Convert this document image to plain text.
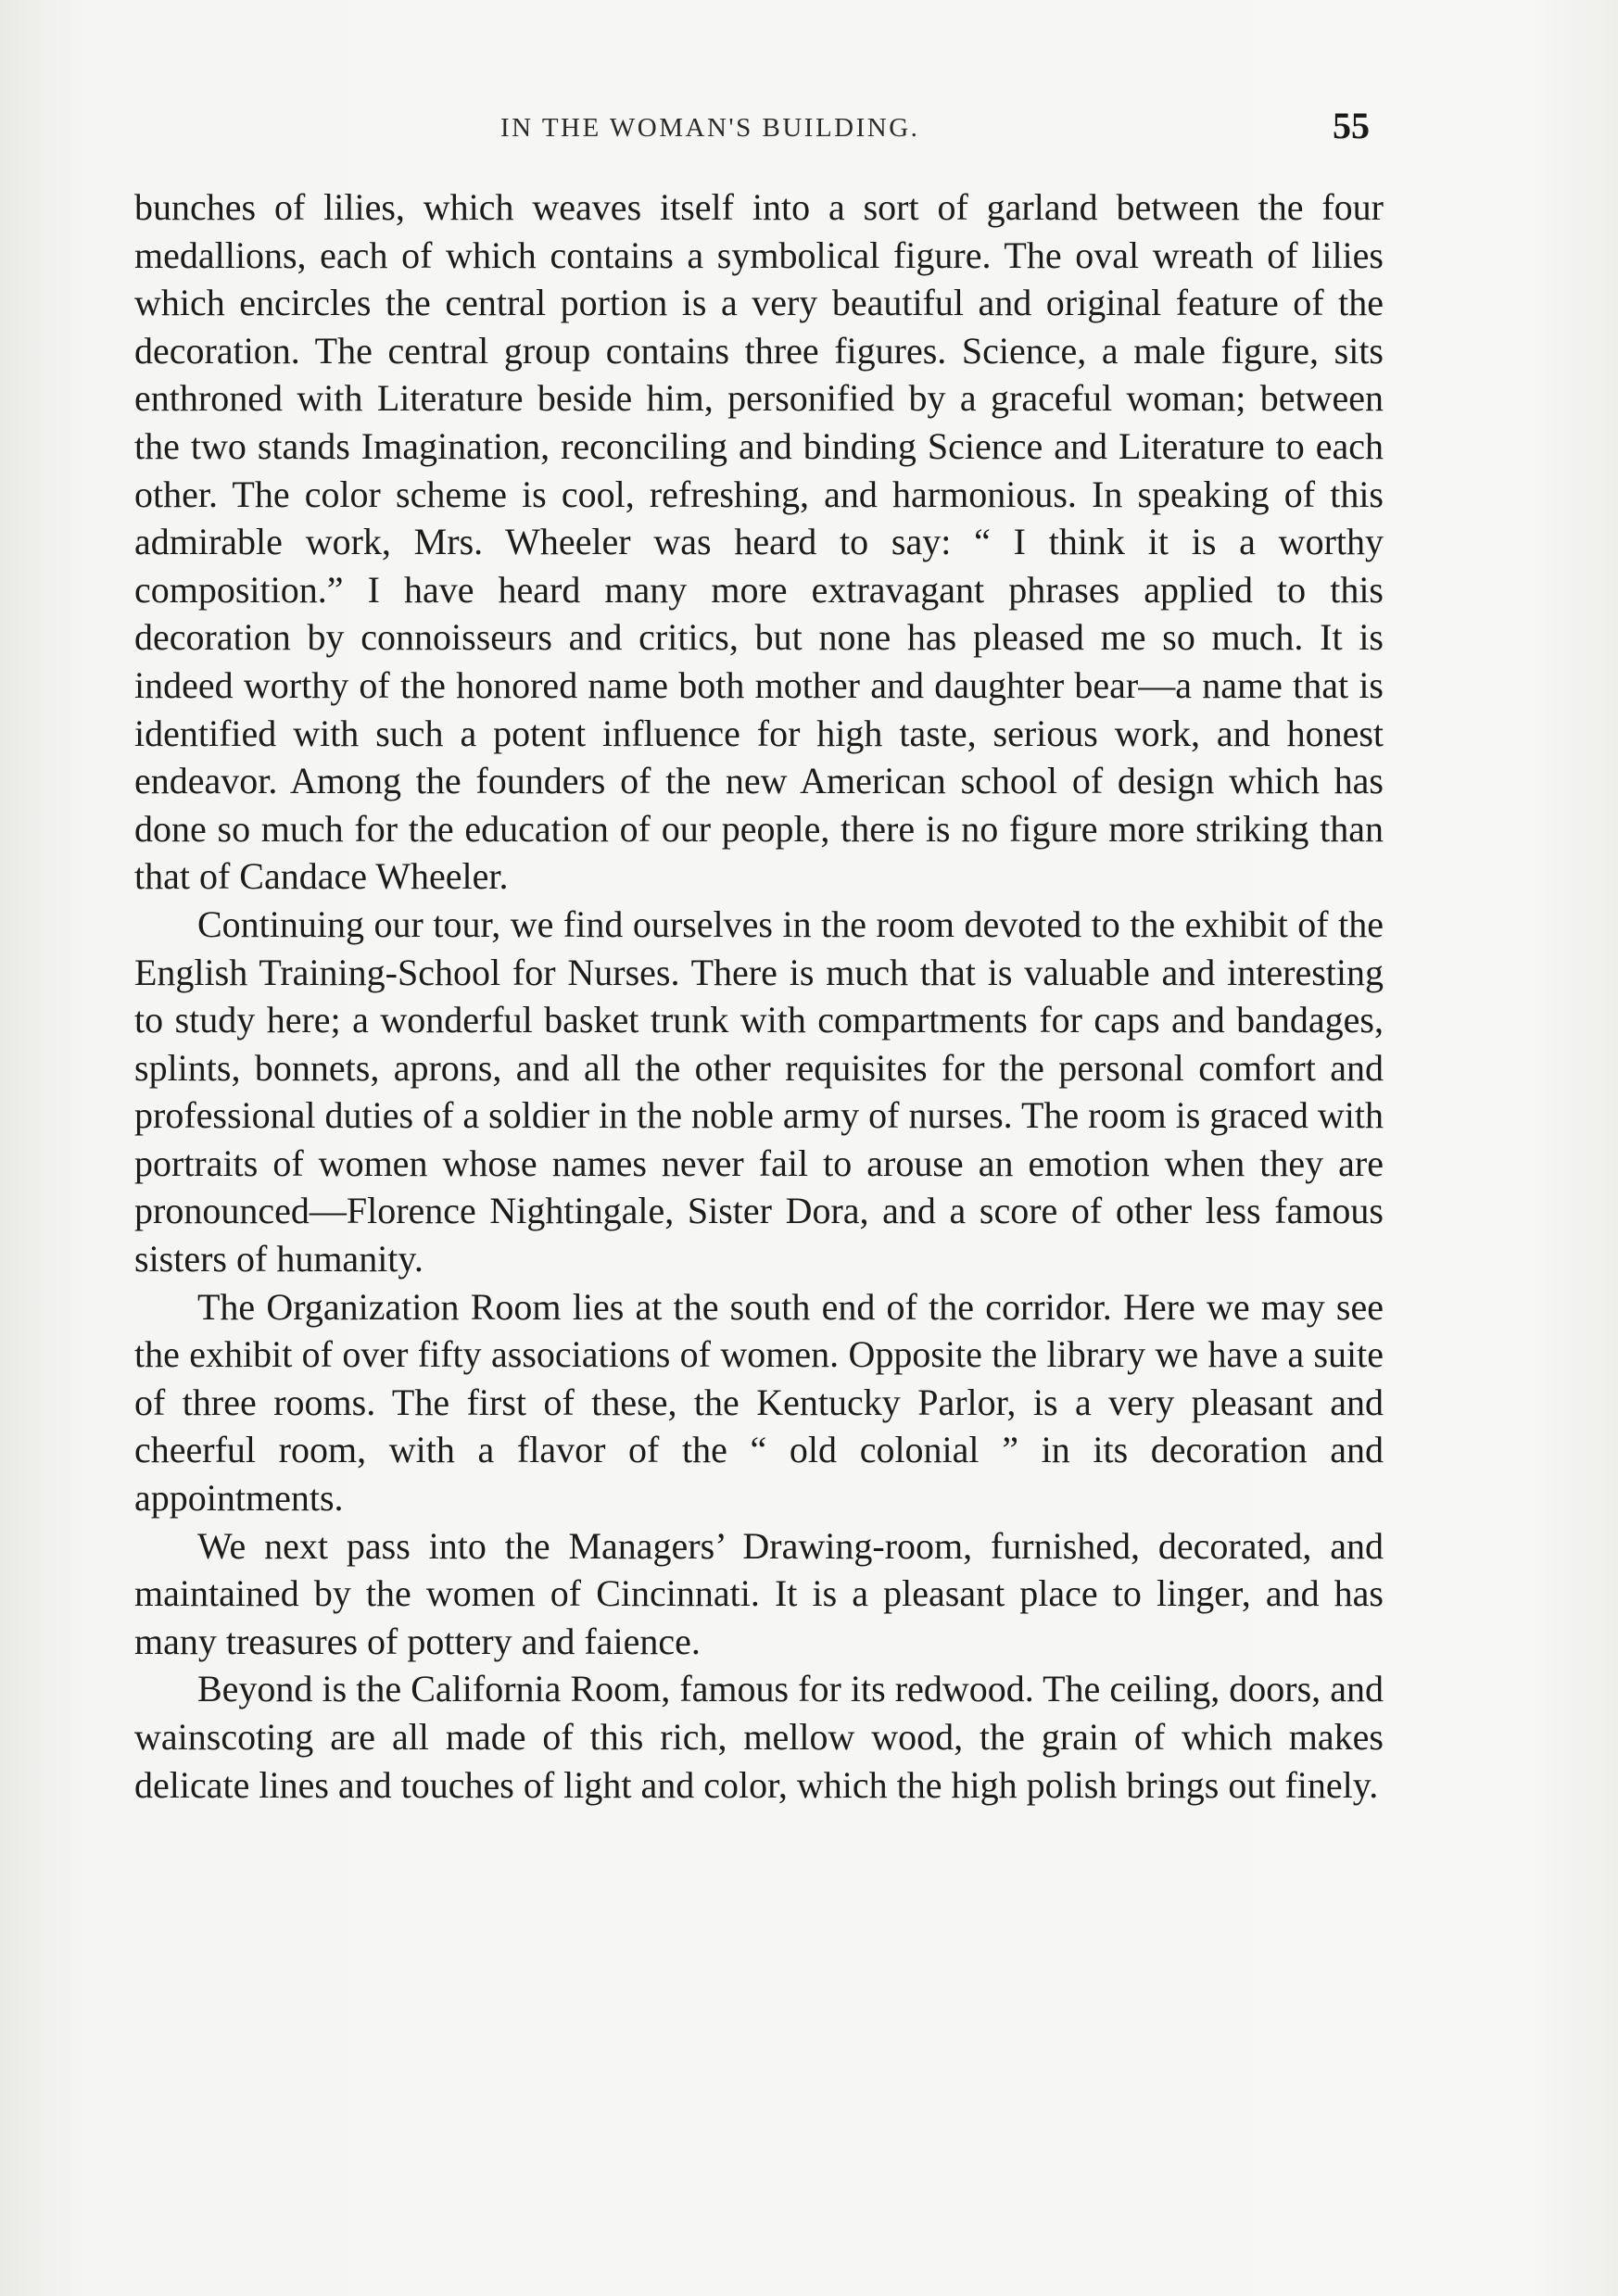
IN THE WOMAN'S BUILDING.	55

bunches of lilies, which weaves itself into a sort of garland between the four medallions, each of which contains a symbolical figure. The oval wreath of lilies which encircles the central portion is a very beautiful and original feature of the decoration. The central group contains three figures. Science, a male figure, sits enthroned with Literature beside him, personified by a graceful woman; between the two stands Imagination, reconciling and binding Science and Literature to each other. The color scheme is cool, refreshing, and harmonious. In speaking of this admirable work, Mrs. Wheeler was heard to say: “ I think it is a worthy composition.” I have heard many more extravagant phrases applied to this decoration by connoisseurs and critics, but none has pleased me so much. It is indeed worthy of the honored name both mother and daughter bear—a name that is identified with such a potent influence for high taste, serious work, and honest endeavor. Among the founders of the new American school of design which has done so much for the education of our people, there is no figure more striking than that of Candace Wheeler.

Continuing our tour, we find ourselves in the room devoted to the exhibit of the English Training-School for Nurses. There is much that is valuable and interesting to study here; a wonderful basket trunk with compartments for caps and bandages, splints, bonnets, aprons, and all the other requisites for the personal comfort and professional duties of a soldier in the noble army of nurses. The room is graced with portraits of women whose names never fail to arouse an emotion when they are pronounced—Florence Nightingale, Sister Dora, and a score of other less famous sisters of humanity.

The Organization Room lies at the south end of the corridor. Here we may see the exhibit of over fifty associations of women. Opposite the library we have a suite of three rooms. The first of these, the Kentucky Parlor, is a very pleasant and cheerful room, with a flavor of the “ old colonial ” in its decoration and appointments.

We next pass into the Managers’ Drawing-room, furnished, decorated, and maintained by the women of Cincinnati. It is a pleasant place to linger, and has many treasures of pottery and faience.

Beyond is the California Room, famous for its redwood. The ceiling, doors, and wainscoting are all made of this rich, mellow wood, the grain of which makes delicate lines and touches of light and color, which the high polish brings out finely.
